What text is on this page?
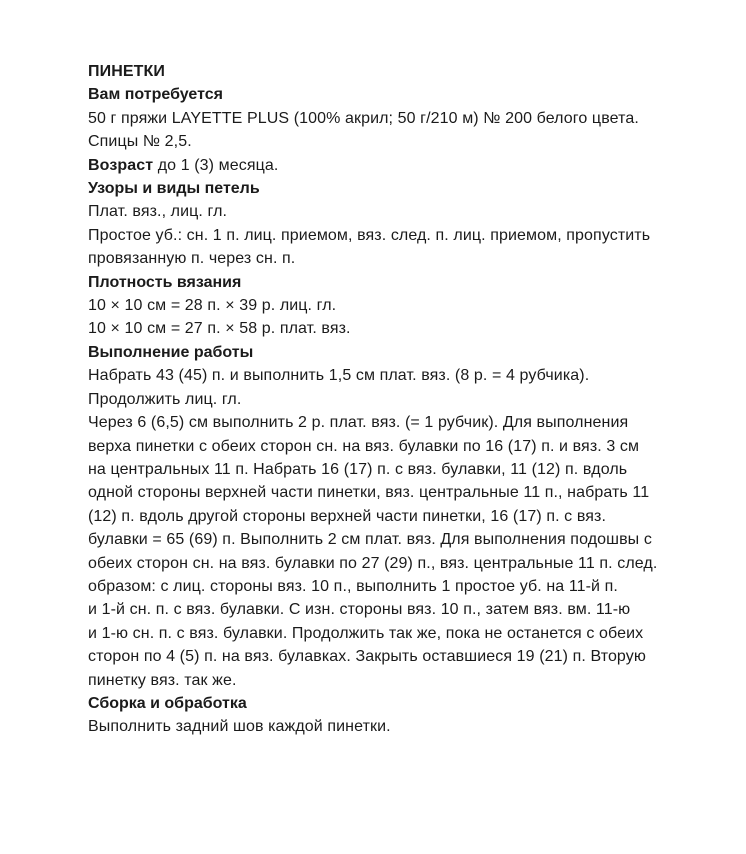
ПИНЕТКИ

Вам потребуется

50 г пряжи LAYETTE PLUS (100% акрил; 50 г/210 м) № 200 белого цвета.

Спицы № 2,5.

Возраст до 1 (3) месяца.

Узоры и виды петель

Плат. вяз., лиц. гл.

Простое уб.: сн. 1 п. лиц. приемом, вяз. след. п. лиц. приемом, пропустить

провязанную п. через сн. п.

Плотность вязания

10 × 10 см = 28 п. × 39 р. лиц. гл.

10 × 10 см = 27 п. × 58 р. плат. вяз.

Выполнение работы

Набрать 43 (45) п. и выполнить 1,5 см плат. вяз. (8 р. = 4 рубчика).

Продолжить лиц. гл.

Через 6 (6,5) см выполнить 2 р. плат. вяз. (= 1 рубчик). Для выполнения

верха пинетки с обеих сторон сн. на вяз. булавки по 16 (17) п. и вяз. 3 см

на центральных 11 п. Набрать 16 (17) п. с вяз. булавки, 11 (12) п. вдоль

одной стороны верхней части пинетки, вяз. центральные 11 п., набрать 11

(12) п. вдоль другой стороны верхней части пинетки, 16 (17) п. с вяз.

булавки = 65 (69) п. Выполнить 2 см плат. вяз. Для выполнения подошвы с

обеих сторон сн. на вяз. булавки по 27 (29) п., вяз. центральные 11 п. след.

образом: с лиц. стороны вяз. 10 п., выполнить 1 простое уб. на 11-й п.

и 1-й сн. п. с вяз. булавки. С изн. стороны вяз. 10 п., затем вяз. вм. 11-ю

и 1-ю сн. п. с вяз. булавки. Продолжить так же, пока не останется с обеих

сторон по 4 (5) п. на вяз. булавках. Закрыть оставшиеся 19 (21) п. Вторую

пинетку вяз. так же.

Сборка и обработка

Выполнить задний шов каждой пинетки.
